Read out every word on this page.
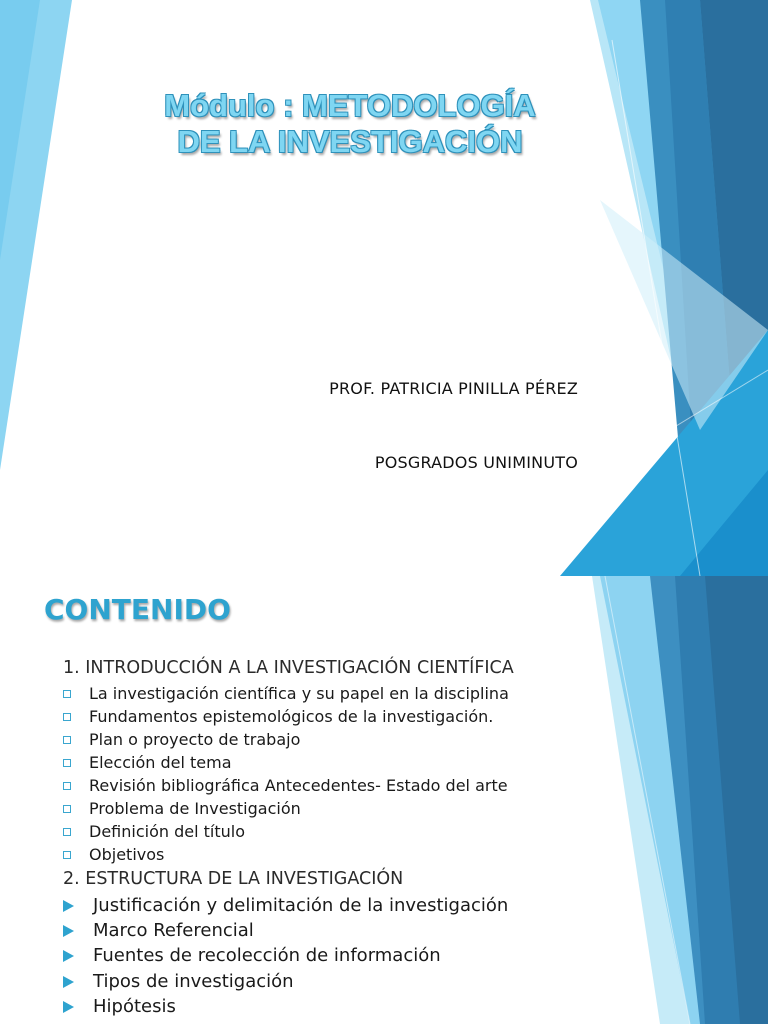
Módulo : METODOLOGÍA
DE LA INVESTIGACIÓN
PROF. PATRICIA PINILLA PÉREZ
POSGRADOS UNIMINUTO
CONTENIDO
1. INTRODUCCIÓN A LA INVESTIGACIÓN CIENTÍFICA
La investigación científica y su papel en la disciplina
Fundamentos epistemológicos de la investigación.
Plan o proyecto de trabajo
Elección del tema
Revisión bibliográfica Antecedentes- Estado del arte
Problema de Investigación
Definición del título
Objetivos
2. ESTRUCTURA DE LA INVESTIGACIÓN
Justificación y delimitación de la investigación
Marco Referencial
Fuentes de recolección de información
Tipos de investigación
Hipótesis
